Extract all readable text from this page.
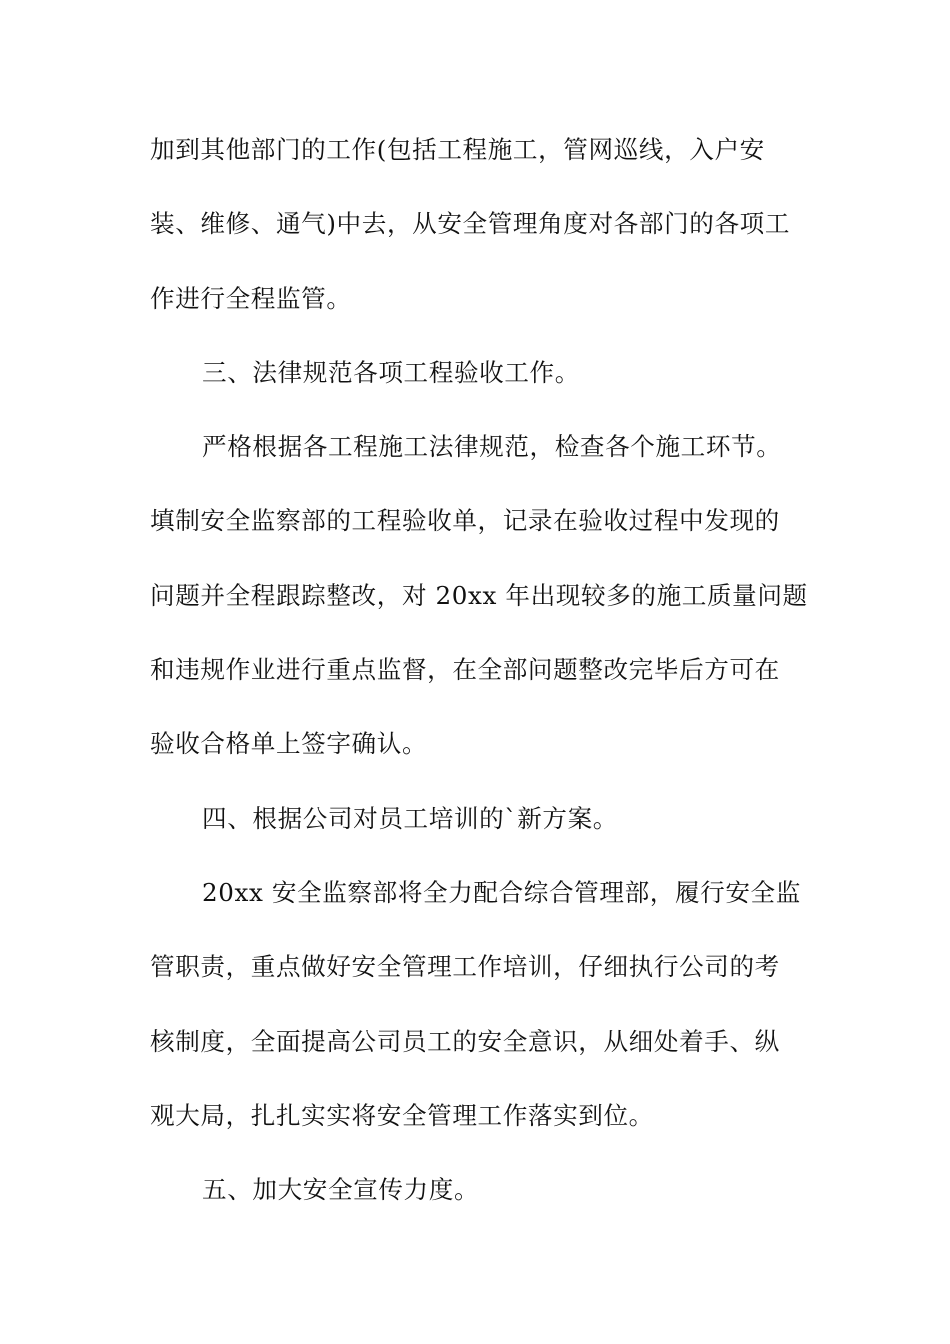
加到其他部门的工作(包括工程施工，管网巡线，入户安
装、维修、通气)中去，从安全管理角度对各部门的各项工
作进行全程监管。
三、法律规范各项工程验收工作。
严格根据各工程施工法律规范，检查各个施工环节。
填制安全监察部的工程验收单，记录在验收过程中发现的
问题并全程跟踪整改，对 20xx 年出现较多的施工质量问题
和违规作业进行重点监督，在全部问题整改完毕后方可在
验收合格单上签字确认。
四、根据公司对员工培训的`新方案。
20xx 安全监察部将全力配合综合管理部，履行安全监
管职责，重点做好安全管理工作培训，仔细执行公司的考
核制度，全面提高公司员工的安全意识，从细处着手、纵
观大局，扎扎实实将安全管理工作落实到位。
五、加大安全宣传力度。
